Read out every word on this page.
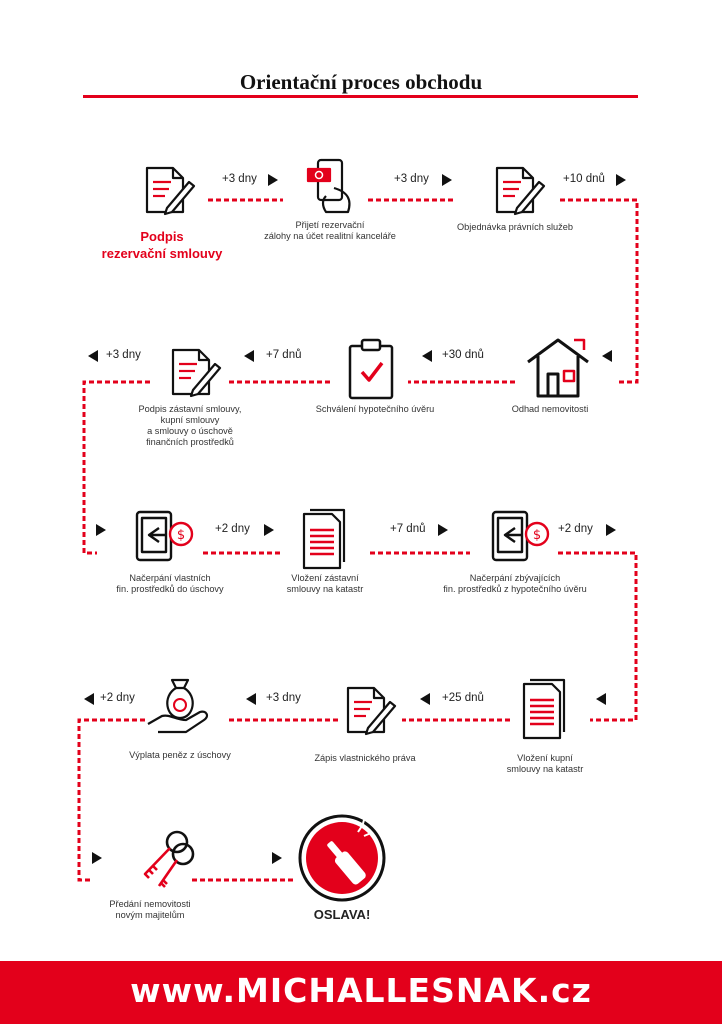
Orientační proces obchodu
$	$
Podpis
rezervační smlouvy
Přijetí rezervační
zálohy na účet realitní kanceláře
Objednávka právních služeb
Odhad nemovitosti
Schválení hypotečního úvěru
Podpis zástavní smlouvy,
kupní smlouvy
a smlouvy o úschově
finančních prostředků
Načerpání vlastních
fin. prostředků do úschovy
Vložení zástavní
smlouvy na katastr
Načerpání zbývajících
fin. prostředků z hypotečního úvěru
Vložení kupní
smlouvy na katastr
Zápis vlastnického práva
Výplata peněz z úschovy
Předání nemovitosti
novým majitelům	OSLAVA!
+3 dny	+3 dny	+10 dnů
+30 dnů
+7 dnů
+3 dny
+2 dny	+7 dnů	+2 dny
+25 dnů
+3 dny
+2 dny
www.MICHALLESNAK.cz
